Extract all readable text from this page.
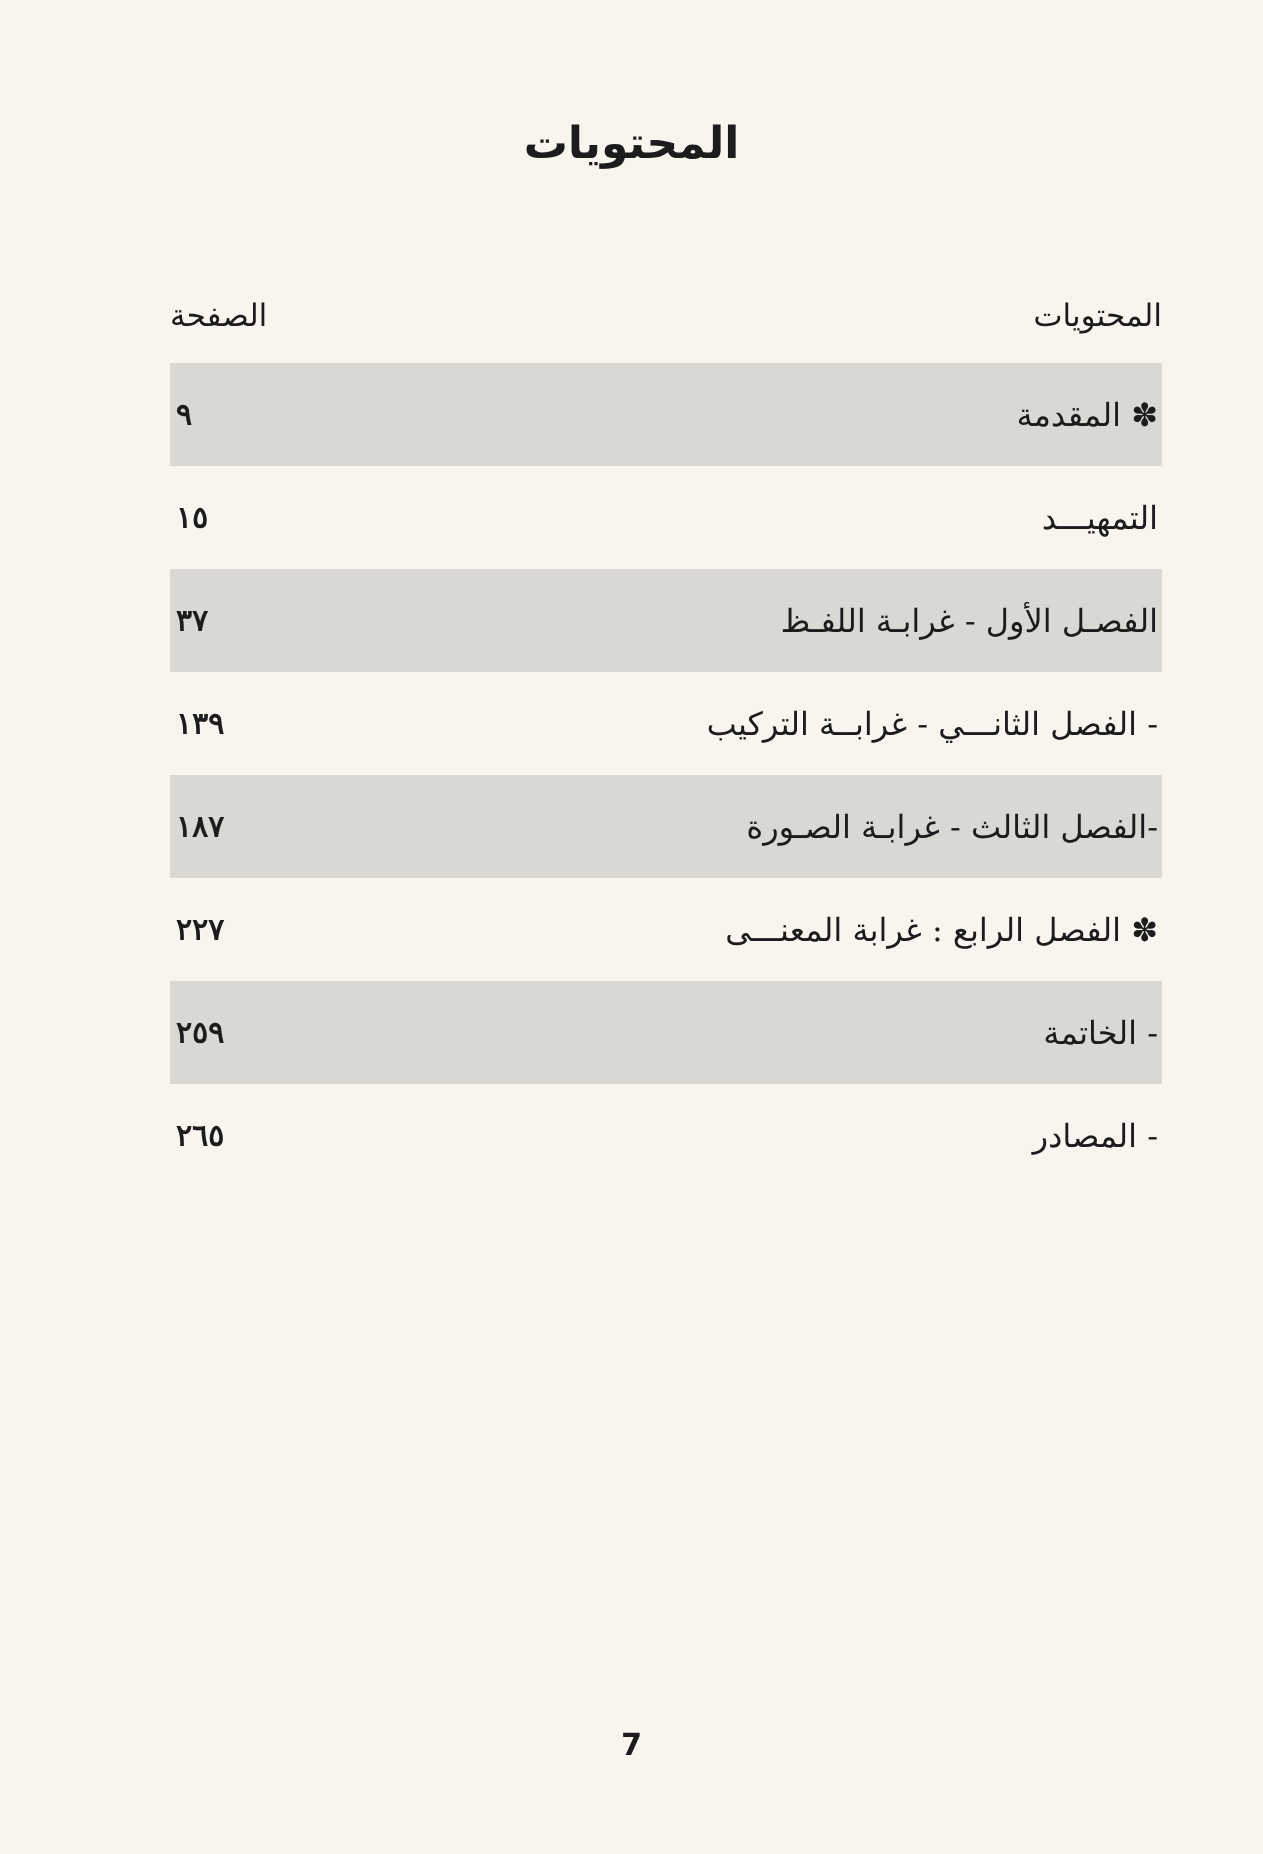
المحتويات
المحتويات
الصفحة
✽ المقدمة
٩
التمهيـــد
١٥
الفصـل الأول - غرابـة اللفـظ
٣٧
- الفصل الثانـــي - غرابــة التركيب
١٣٩
-الفصل الثالث - غرابـة الصـورة
١٨٧
✽ الفصل الرابع : غرابة المعنـــى
٢٢٧
- الخاتمة
٢٥٩
- المصادر
٢٦٥
7
